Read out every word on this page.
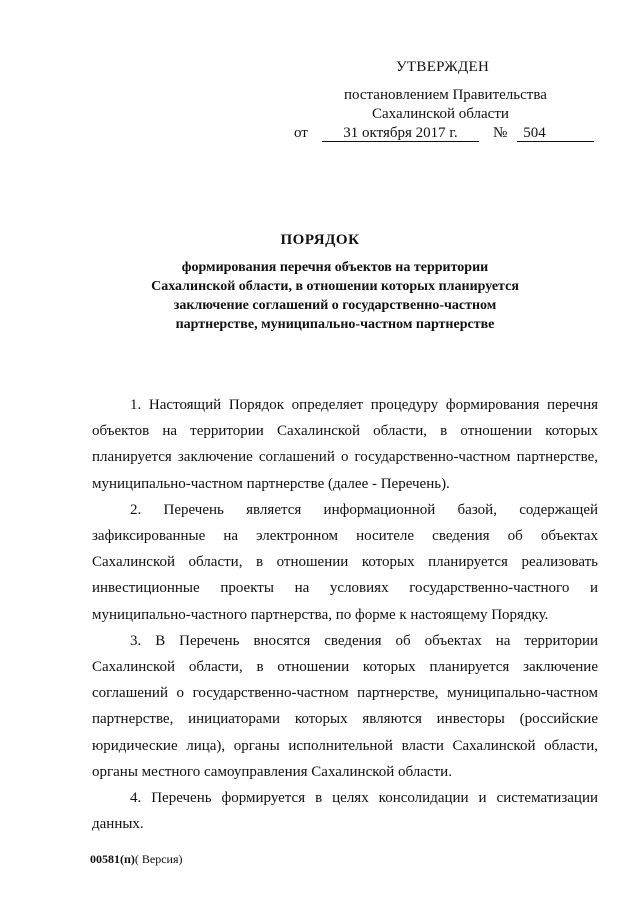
УТВЕРЖДЕН
постановлением Правительства
Сахалинской области
от	31 октября 2017 г.	№	504
ПОРЯДОК
формирования перечня объектов на территории Сахалинской области, в отношении которых планируется заключение соглашений о государственно-частном партнерстве, муниципально-частном партнерстве

1. Настоящий Порядок определяет процедуру формирования перечня объектов на территории Сахалинской области, в отношении которых планируется заключение соглашений о государственно-частном партнерстве, муниципально-частном партнерстве (далее - Перечень).

2. Перечень является информационной базой, содержащей зафиксированные на электронном носителе сведения об объектах Сахалинской области, в отношении которых планируется реализовать инвестиционные проекты на условиях государственно-частного и муниципально-частного партнерства, по форме к настоящему Порядку.

3. В Перечень вносятся сведения об объектах на территории Сахалинской области, в отношении которых планируется заключение соглашений о государственно-частном партнерстве, муниципально-частном партнерстве, инициаторами которых являются инвесторы (российские юридические лица), органы исполнительной власти Сахалинской области, органы местного самоуправления Сахалинской области.

4. Перечень формируется в целях консолидации и систематизации данных.

00581(п)( Версия)
